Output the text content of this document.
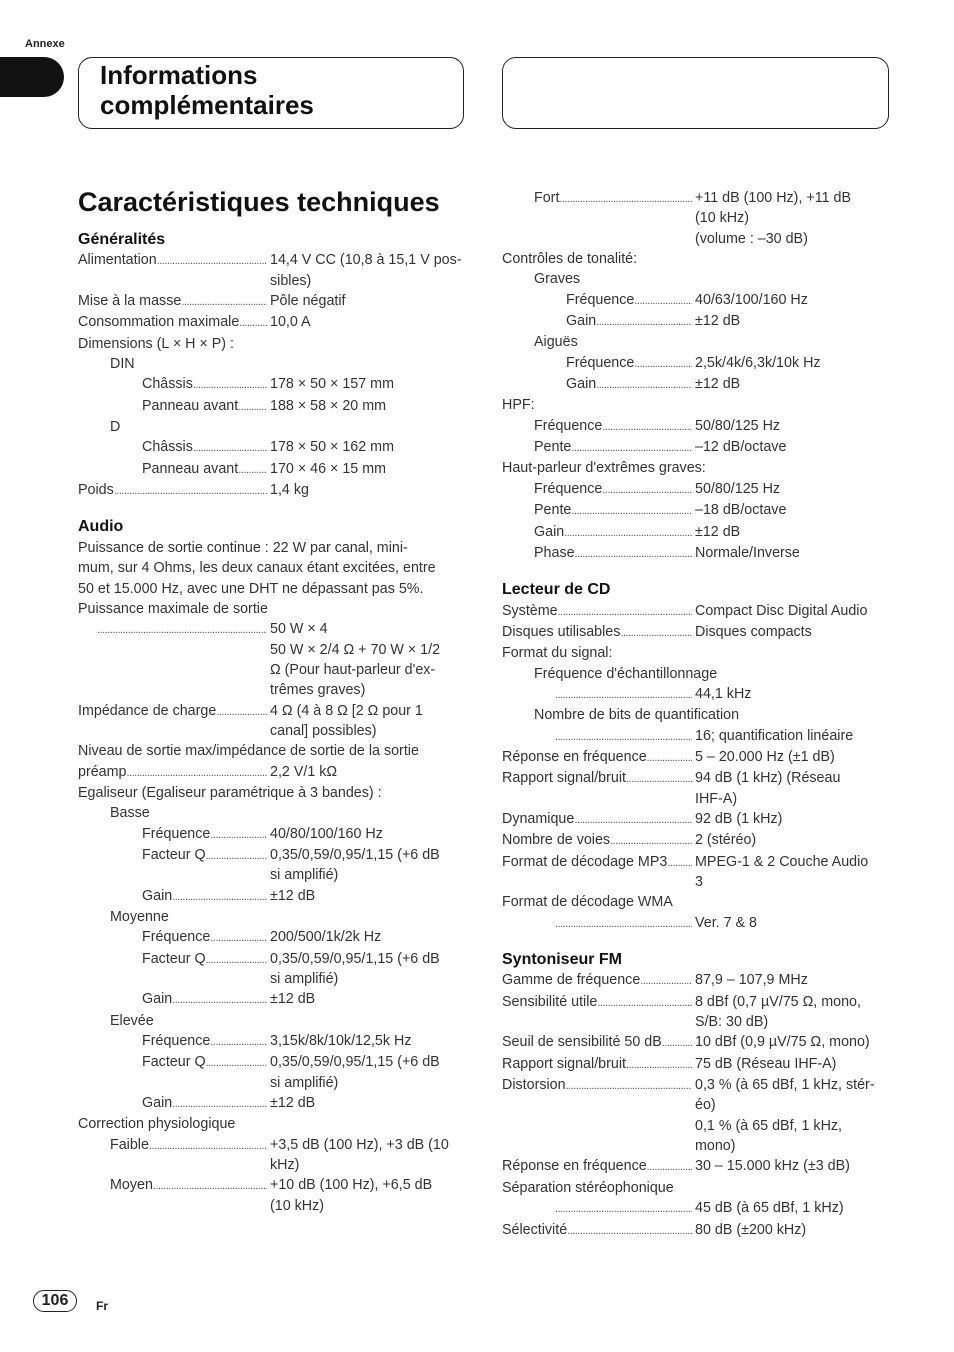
Annexe
Informations
complémentaires
Caractéristiques techniques
Généralités
Alimentation .....	14,4 V CC (10,8 à 15,1 V pos-
sibles)
Mise à la masse .....	Pôle négatif
Consommation maximale ..... 10,0 A
Dimensions (L × H × P) :
DIN
Châssis .....	178 × 50 × 157 mm
Panneau avant ..... 188 × 58 × 20 mm
D
Châssis .....	178 × 50 × 162 mm
Panneau avant ..... 170 × 46 × 15 mm
Poids .....	1,4 kg
Audio
Puissance de sortie continue : 22 W par canal, mini-
mum, sur 4 Ohms, les deux canaux étant excitées, entre
50 et 15.000 Hz, avec une DHT ne dépassant pas 5%.
Puissance maximale de sortie
.....
50 W × 4
50 W × 2/4 Ω + 70 W × 1/2
Ω (Pour haut-parleur d'ex-
trêmes graves)
Impédance de charge .....	4 Ω (4 à 8 Ω [2 Ω pour 1
canal] possibles)
Niveau de sortie max/impédance de sortie de la sortie
préamp .....	2,2 V/1 kΩ
Egaliseur (Egaliseur paramétrique à 3 bandes) :
Basse
Fréquence .....	40/80/100/160 Hz
Facteur Q .....	0,35/0,59/0,95/1,15 (+6 dB
si amplifié)
Gain .....	±12 dB
Moyenne
Fréquence .....	200/500/1k/2k Hz
Facteur Q .....	0,35/0,59/0,95/1,15 (+6 dB
si amplifié)
Gain .....	±12 dB
Elevée
Fréquence .....	3,15k/8k/10k/12,5k Hz
Facteur Q .....	0,35/0,59/0,95/1,15 (+6 dB
si amplifié)
Gain .....	±12 dB
Correction physiologique
Faible .....	+3,5 dB (100 Hz), +3 dB (10
kHz)
Moyen .....	+10 dB (100 Hz), +6,5 dB
(10 kHz)
Fort .....	+11 dB (100 Hz), +11 dB
(10 kHz)
(volume : –30 dB)
Contrôles de tonalité:
Graves
Fréquence .....	40/63/100/160 Hz
Gain .....	±12 dB
Aiguës
Fréquence .....	2,5k/4k/6,3k/10k Hz
Gain .....	±12 dB
HPF:
Fréquence .....	50/80/125 Hz
Pente .....	–12 dB/octave
Haut-parleur d'extrêmes graves:
Fréquence .....	50/80/125 Hz
Pente .....	–18 dB/octave
Gain .....	±12 dB
Phase .....	Normale/Inverse
Lecteur de CD
Système .....	Compact Disc Digital Audio
Disques utilisables .....	Disques compacts
Format du signal:
Fréquence d'échantillonnage
.....
44,1 kHz
Nombre de bits de quantification
.....
16; quantification linéaire
Réponse en fréquence .....	5 – 20.000 Hz (±1 dB)
Rapport signal/bruit .....	94 dB (1 kHz) (Réseau
IHF-A)
Dynamique .....	92 dB (1 kHz)
Nombre de voies .....	2 (stéréo)
Format de décodage MP3 ..... MPEG-1 & 2 Couche Audio
3
Format de décodage WMA
.....
Ver. 7 & 8
Syntoniseur FM
Gamme de fréquence .....	87,9 – 107,9 MHz
Sensibilité utile .....	8 dBf (0,7 µV/75 Ω, mono,
S/B: 30 dB)
Seuil de sensibilité 50 dB ..... 10 dBf (0,9 µV/75 Ω, mono)
Rapport signal/bruit .....	75 dB (Réseau IHF-A)
Distorsion .....	0,3 % (à 65 dBf, 1 kHz, stér-
éo)
0,1 % (à 65 dBf, 1 kHz,
mono)
Réponse en fréquence .....	30 – 15.000 kHz (±3 dB)
Séparation stéréophonique
.....
45 dB (à 65 dBf, 1 kHz)
Sélectivité .....	80 dB (±200 kHz)
106	Fr
